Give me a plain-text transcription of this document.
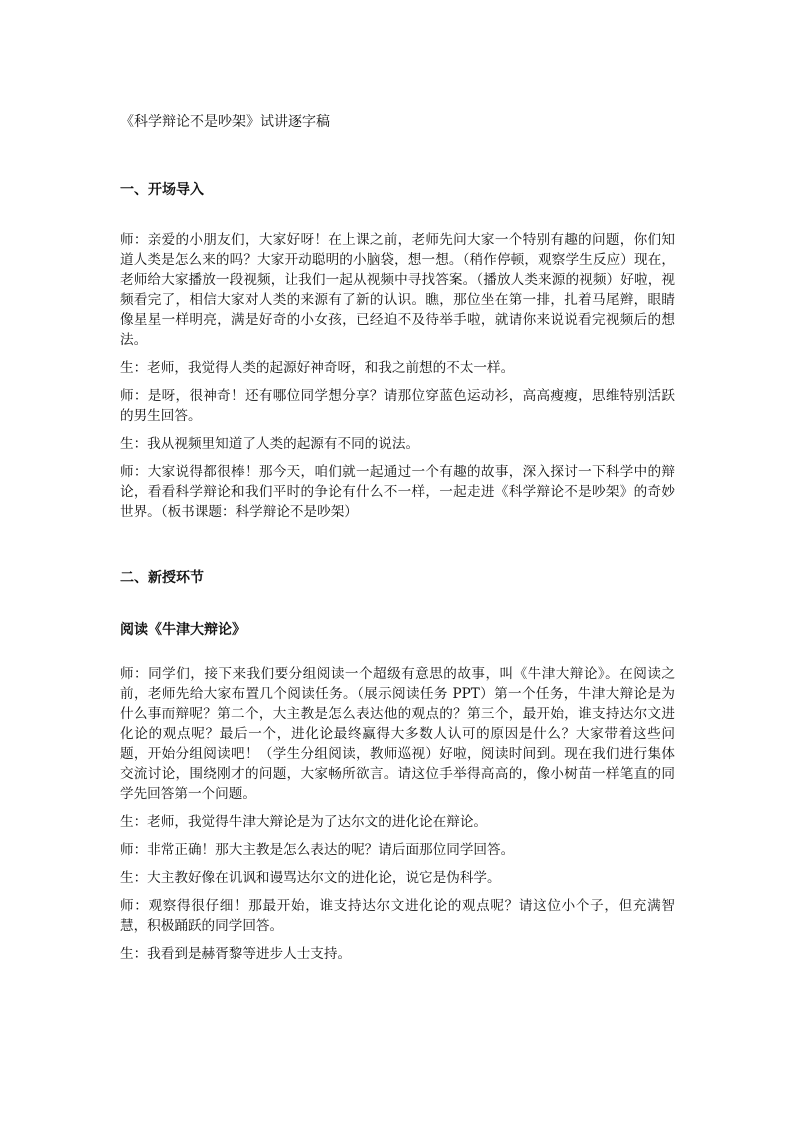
《科学辩论不是吵架》试讲逐字稿
一、开场导入
师：亲爱的小朋友们，大家好呀！在上课之前，老师先问大家一个特别有趣的问题，你们知道人类是怎么来的吗？大家开动聪明的小脑袋，想一想。（稍作停顿，观察学生反应）现在，老师给大家播放一段视频，让我们一起从视频中寻找答案。（播放人类来源的视频）好啦，视频看完了，相信大家对人类的来源有了新的认识。瞧，那位坐在第一排，扎着马尾辫，眼睛像星星一样明亮，满是好奇的小女孩，已经迫不及待举手啦，就请你来说说看完视频后的想法。
生：老师，我觉得人类的起源好神奇呀，和我之前想的不太一样。
师：是呀，很神奇！还有哪位同学想分享？请那位穿蓝色运动衫，高高瘦瘦，思维特别活跃的男生回答。
生：我从视频里知道了人类的起源有不同的说法。
师：大家说得都很棒！那今天，咱们就一起通过一个有趣的故事，深入探讨一下科学中的辩论，看看科学辩论和我们平时的争论有什么不一样，一起走进《科学辩论不是吵架》的奇妙世界。（板书课题：科学辩论不是吵架）
二、新授环节
阅读《牛津大辩论》
师：同学们，接下来我们要分组阅读一个超级有意思的故事，叫《牛津大辩论》。在阅读之前，老师先给大家布置几个阅读任务。（展示阅读任务 PPT）第一个任务，牛津大辩论是为什么事而辩呢？第二个，大主教是怎么表达他的观点的？第三个，最开始，谁支持达尔文进化论的观点呢？最后一个，进化论最终赢得大多数人认可的原因是什么？大家带着这些问题，开始分组阅读吧！（学生分组阅读，教师巡视）好啦，阅读时间到。现在我们进行集体交流讨论，围绕刚才的问题，大家畅所欲言。请这位手举得高高的，像小树苗一样笔直的同学先回答第一个问题。
生：老师，我觉得牛津大辩论是为了达尔文的进化论在辩论。
师：非常正确！那大主教是怎么表达的呢？请后面那位同学回答。
生：大主教好像在讥讽和谩骂达尔文的进化论，说它是伪科学。
师：观察得很仔细！那最开始，谁支持达尔文进化论的观点呢？请这位小个子，但充满智慧，积极踊跃的同学回答。
生：我看到是赫胥黎等进步人士支持。
